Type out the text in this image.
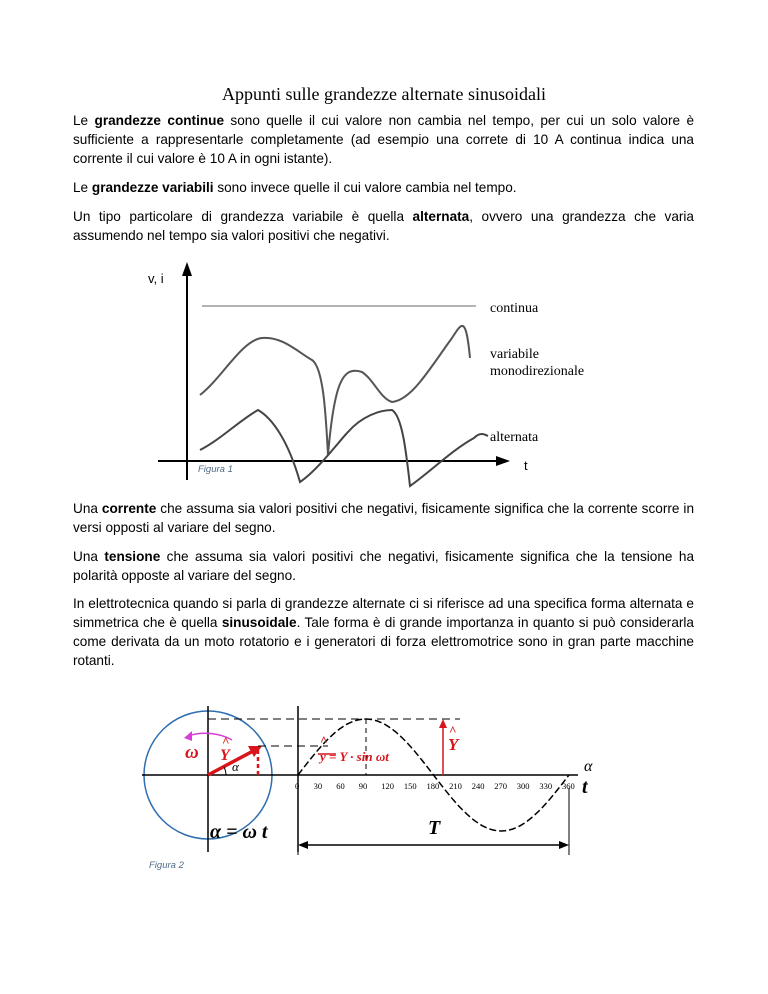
Appunti sulle grandezze alternate sinusoidali

Le grandezze continue sono quelle il cui valore non cambia nel tempo, per cui un solo valore è sufficiente a rappresentarle completamente (ad esempio una correte di 10 A continua indica una corrente il cui valore è 10 A in ogni istante).

Le grandezze variabili sono invece quelle il cui valore cambia nel tempo.

Un tipo particolare di grandezza variabile è quella alternata, ovvero una grandezza che varia assumendo nel tempo sia valori positivi che negativi.

v, i
t
continua
variabile
monodirezionale
alternata
Figura 1

Una corrente che assuma sia valori positivi che negativi, fisicamente significa che la corrente scorre in versi opposti al variare del segno.

Una tensione che assuma sia valori positivi che negativi, fisicamente significa che la tensione ha polarità opposte al variare del segno.

In elettrotecnica quando si parla di grandezze alternate ci si riferisce ad una specifica forma alternata e simmetrica che è quella sinusoidale. Tale forma è di grande importanza in quanto si può considerarla come derivata da un moto rotatorio e i generatori di forza elettromotrice sono in gran parte macchine rotanti.

ω
^
Y
α
^
y = Y · sin ωt
^
Y
α
t
0 30 60 90 120 150 180 210 240 270 300 330 360
T
α = ω t
Figura 2
